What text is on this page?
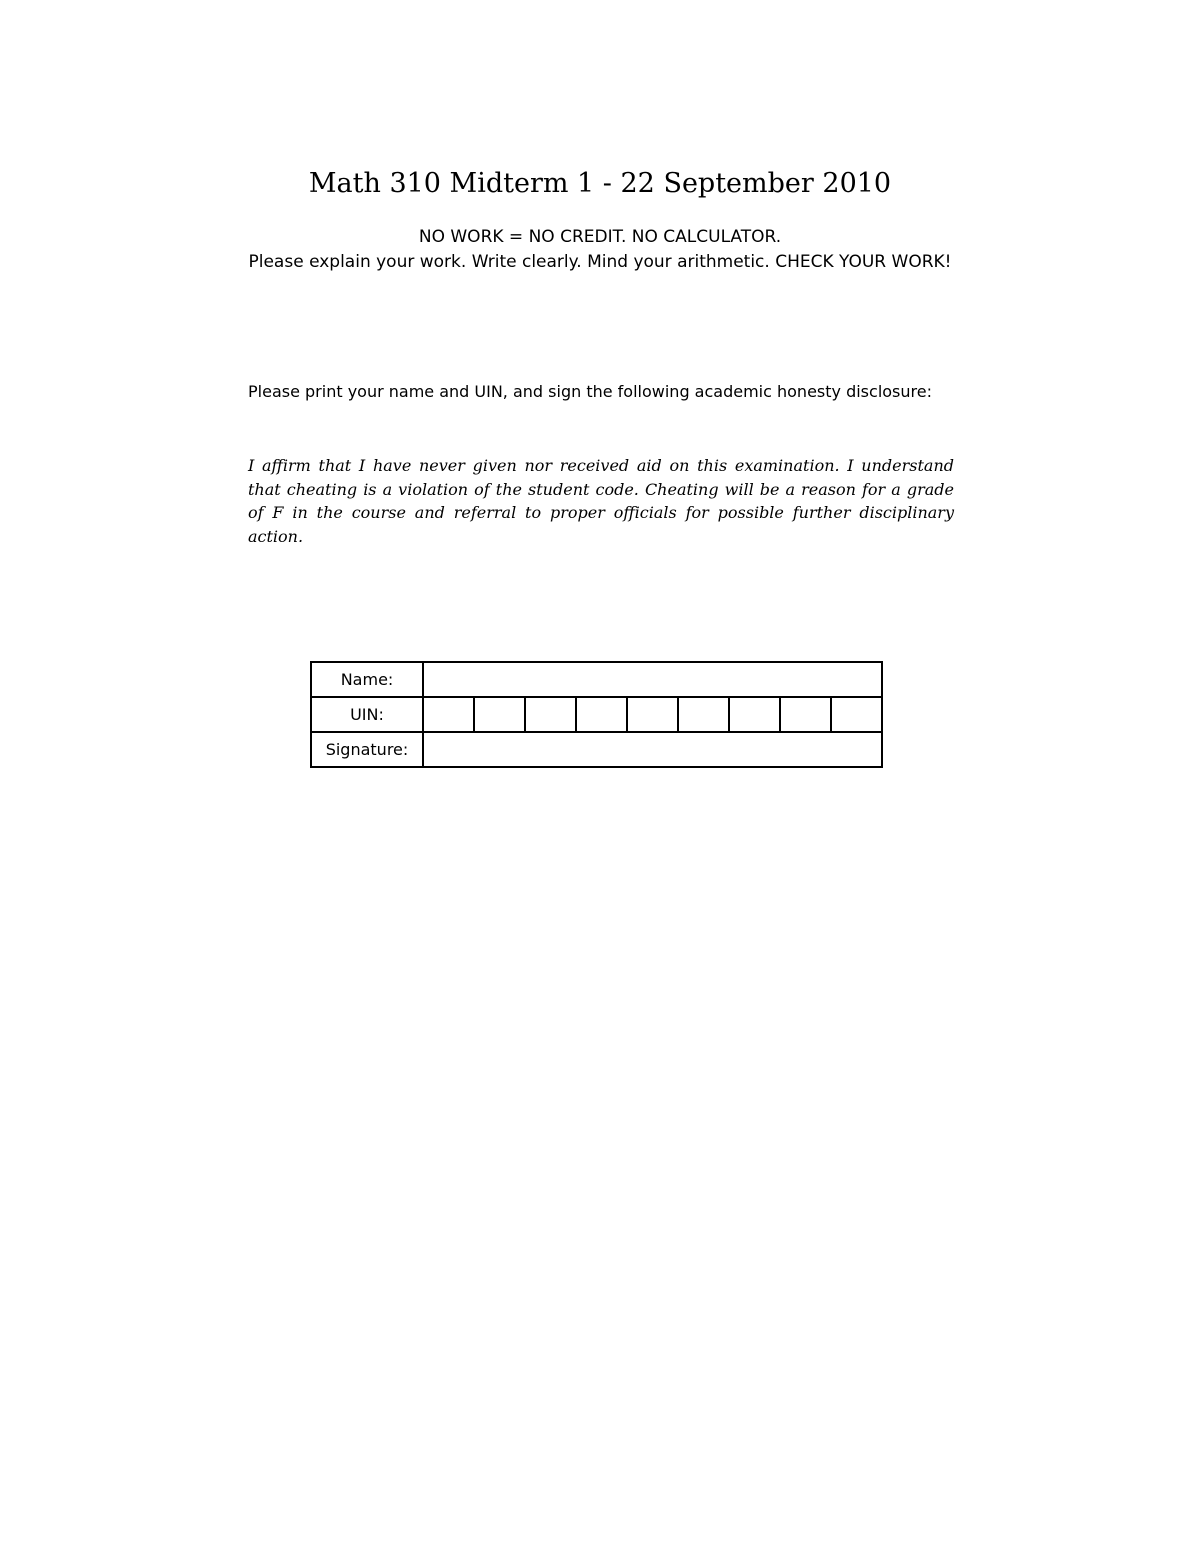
Math 310 Midterm 1 - 22 September 2010
NO WORK = NO CREDIT. NO CALCULATOR.
Please explain your work. Write clearly. Mind your arithmetic. CHECK YOUR WORK!
Please print your name and UIN, and sign the following academic honesty disclosure:
I affirm that I have never given nor received aid on this examination. I understand that cheating is a violation of the student code. Cheating will be a reason for a grade of F in the course and referral to proper officials for possible further disciplinary action.
Name:									
UIN:									
Signature:									
